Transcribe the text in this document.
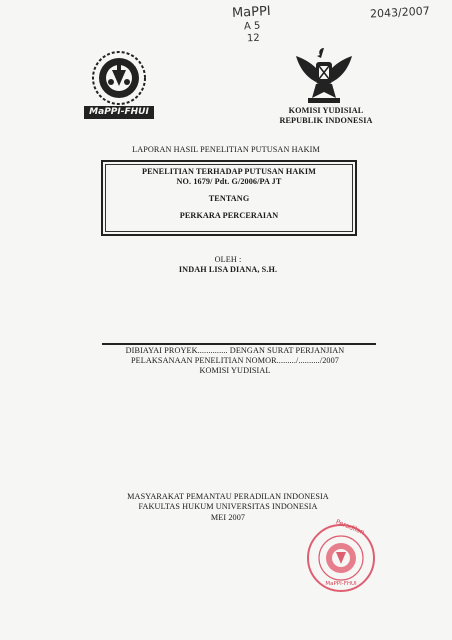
MaPPI
A 5
12
2043/2007
MaPPI-FHUI	KOMISI YUDISIAL
REPUBLIK INDONESIA
LAPORAN HASIL PENELITIAN PUTUSAN HAKIM
PENELITIAN TERHADAP PUTUSAN HAKIM
NO. 1679/ Pdt. G/2006/PA JT
TENTANG
PERKARA PERCERAIAN
OLEH :
INDAH LISA DIANA, S.H.
DIBIAYAI PROYEK.............. DENGAN SURAT PERJANJIAN
PELAKSANAAN PENELITIAN NOMOR........./........../2007
KOMISI YUDISIAL
MASYARAKAT PEMANTAU PERADILAN INDONESIA
FAKULTAS HUKUM UNIVERSITAS INDONESIA
MEI 2007
Peradilan
MaPPI-FHUI
